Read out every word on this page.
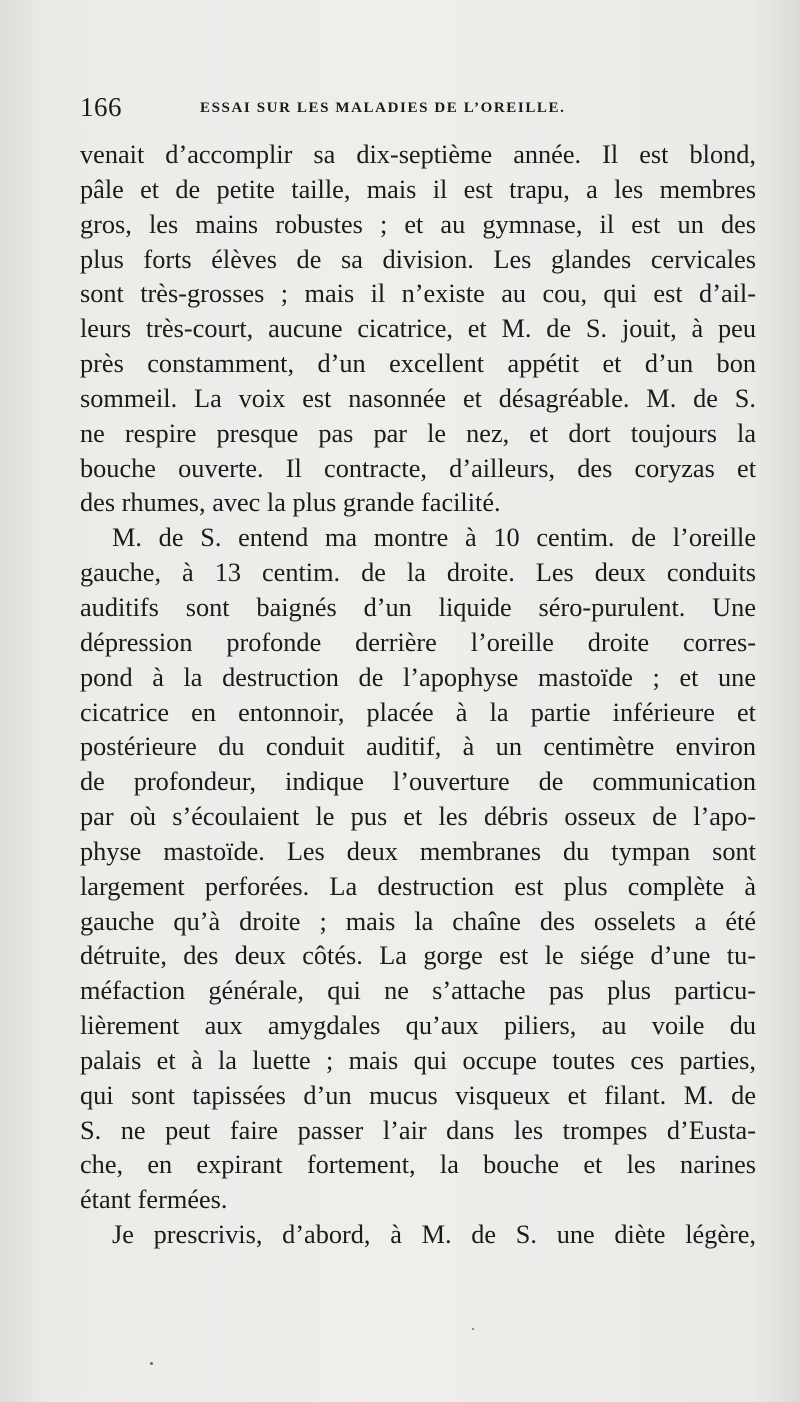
166	ESSAI SUR LES MALADIES DE L’OREILLE.
venait d’accomplir sa dix-septième année. Il est blond,
pâle et de petite taille, mais il est trapu, a les membres
gros, les mains robustes ; et au gymnase, il est un des
plus forts élèves de sa division. Les glandes cervicales
sont très-grosses ; mais il n’existe au cou, qui est d’ail-
leurs très-court, aucune cicatrice, et M. de S. jouit, à peu
près constamment, d’un excellent appétit et d’un bon
sommeil. La voix est nasonnée et désagréable. M. de S.
ne respire presque pas par le nez, et dort toujours la
bouche ouverte. Il contracte, d’ailleurs, des coryzas et
des rhumes, avec la plus grande facilité.
M. de S. entend ma montre à 10 centim. de l’oreille
gauche, à 13 centim. de la droite. Les deux conduits
auditifs sont baignés d’un liquide séro-purulent. Une
dépression profonde derrière l’oreille droite corres-
pond à la destruction de l’apophyse mastoïde ; et une
cicatrice en entonnoir, placée à la partie inférieure et
postérieure du conduit auditif, à un centimètre environ
de profondeur, indique l’ouverture de communication
par où s’écoulaient le pus et les débris osseux de l’apo-
physe mastoïde. Les deux membranes du tympan sont
largement perforées. La destruction est plus complète à
gauche qu’à droite ; mais la chaîne des osselets a été
détruite, des deux côtés. La gorge est le siége d’une tu-
méfaction générale, qui ne s’attache pas plus particu-
lièrement aux amygdales qu’aux piliers, au voile du
palais et à la luette ; mais qui occupe toutes ces parties,
qui sont tapissées d’un mucus visqueux et filant. M. de
S. ne peut faire passer l’air dans les trompes d’Eusta-
che, en expirant fortement, la bouche et les narines
étant fermées.
Je prescrivis, d’abord, à M. de S. une diète légère,
